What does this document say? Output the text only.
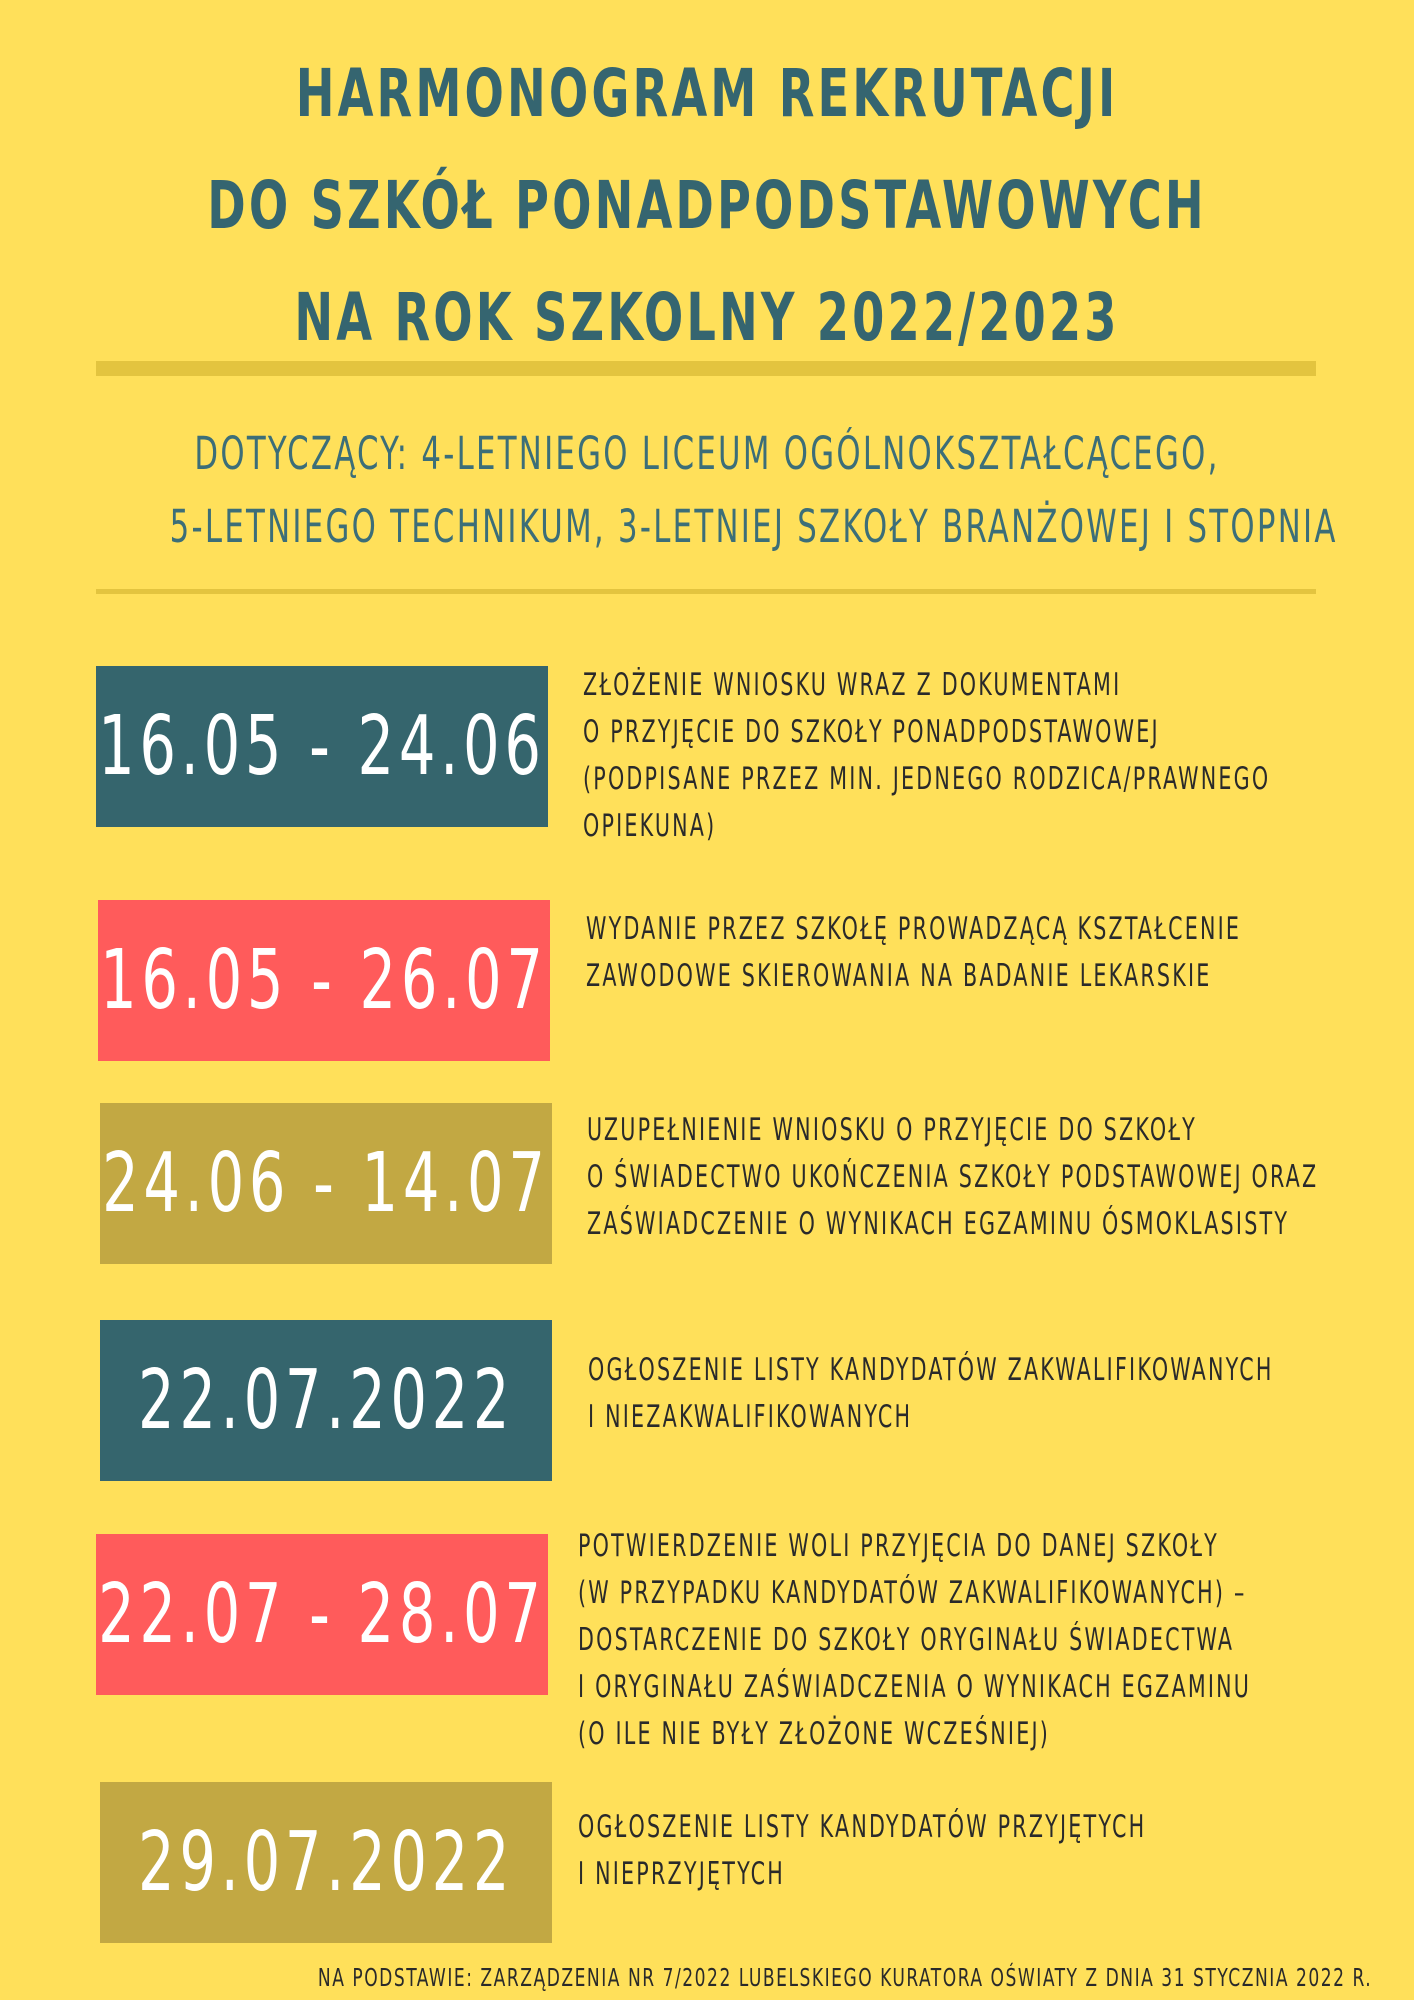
HARMONOGRAM REKRUTACJI
DO SZKÓŁ PONADPODSTAWOWYCH
NA ROK SZKOLNY 2022/2023
DOTYCZĄCY: 4-LETNIEGO LICEUM OGÓLNOKSZTAŁCĄCEGO,
5-LETNIEGO TECHNIKUM, 3-LETNIEJ SZKOŁY BRANŻOWEJ I STOPNIA
16.05 - 24.06
ZŁOŻENIE WNIOSKU WRAZ Z DOKUMENTAMI
O PRZYJĘCIE DO SZKOŁY PONADPODSTAWOWEJ
(PODPISANE PRZEZ MIN. JEDNEGO RODZICA/PRAWNEGO
OPIEKUNA)
16.05 - 26.07
WYDANIE PRZEZ SZKOŁĘ PROWADZĄCĄ KSZTAŁCENIE
ZAWODOWE SKIEROWANIA NA BADANIE LEKARSKIE
24.06 - 14.07
UZUPEŁNIENIE WNIOSKU O PRZYJĘCIE DO SZKOŁY
O ŚWIADECTWO UKOŃCZENIA SZKOŁY PODSTAWOWEJ ORAZ
ZAŚWIADCZENIE O WYNIKACH EGZAMINU ÓSMOKLASISTY
22.07.2022 OGŁOSZENIE LISTY KANDYDATÓW ZAKWALIFIKOWANYCH
I NIEZAKWALIFIKOWANYCH
22.07 - 28.07
POTWIERDZENIE WOLI PRZYJĘCIA DO DANEJ SZKOŁY
(W PRZYPADKU KANDYDATÓW ZAKWALIFIKOWANYCH) –
DOSTARCZENIE DO SZKOŁY ORYGINAŁU ŚWIADECTWA
I ORYGINAŁU ZAŚWIADCZENIA O WYNIKACH EGZAMINU
(O ILE NIE BYŁY ZŁOŻONE WCZEŚNIEJ)
29.07.2022 OGŁOSZENIE LISTY KANDYDATÓW PRZYJĘTYCH
I NIEPRZYJĘTYCH
NA PODSTAWIE: ZARZĄDZENIA NR 7/2022 LUBELSKIEGO KURATORA OŚWIATY Z DNIA 31 STYCZNIA 2022 R.
